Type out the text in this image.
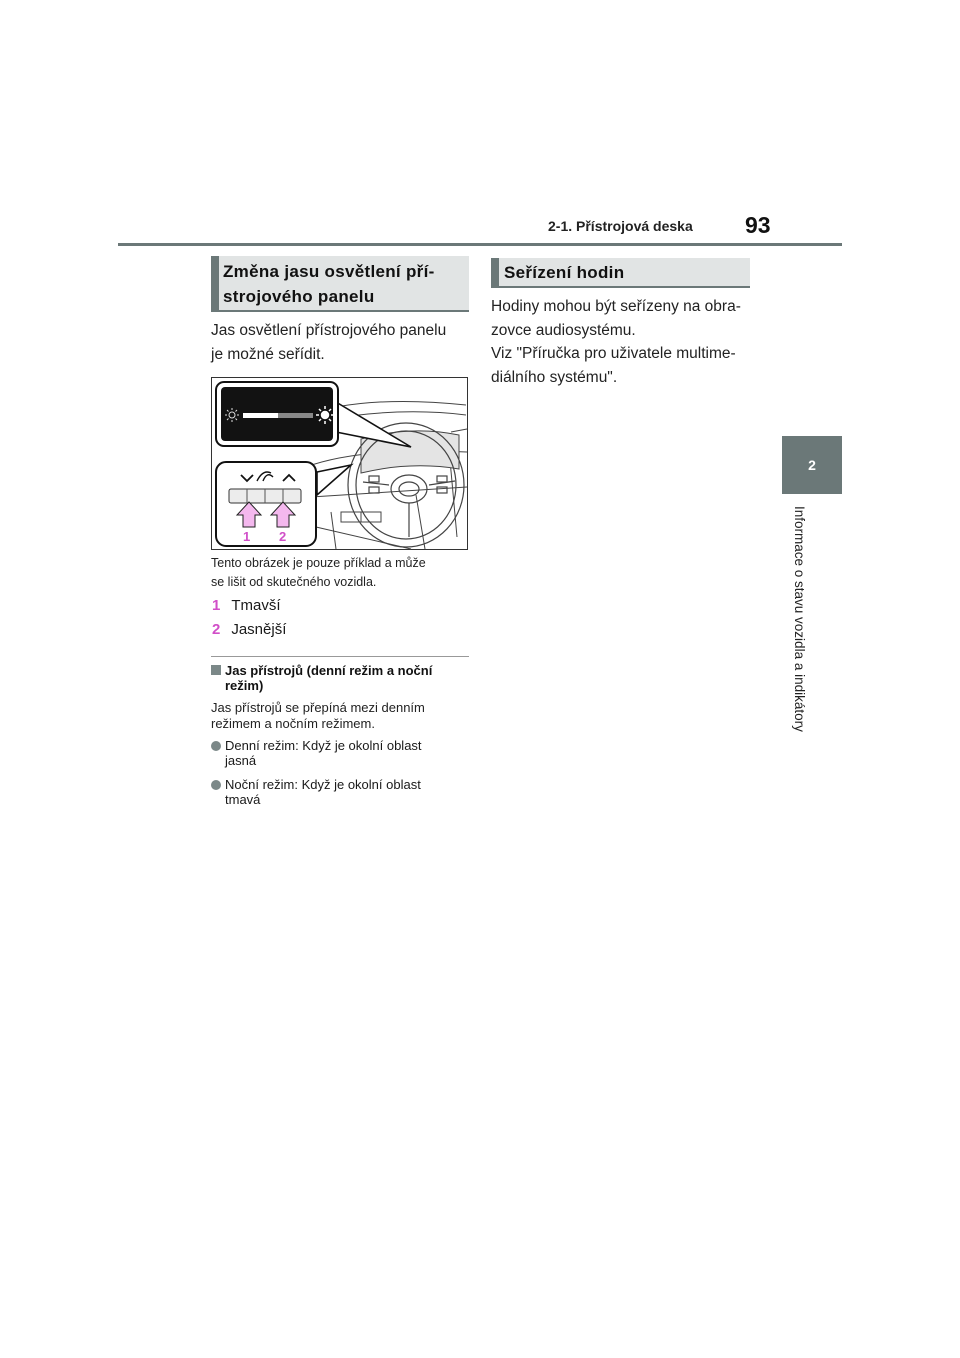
2-1. Přístrojová deska 93
2
Informace o stavu vozidla a indikátory
Změna jasu osvětlení pří-
strojového panelu
Jas osvětlení přístrojového panelu
je možné seřídit.
1 2
Tento obrázek je pouze příklad a může
se lišit od skutečného vozidla.
1 Tmavší
2 Jasnější
Jas přístrojů (denní režim a noční
režim)
Jas přístrojů se přepíná mezi denním
režimem a nočním režimem.
Denní režim: Když je okolní oblast
jasná
Noční režim: Když je okolní oblast
tmavá
Seřízení hodin
Hodiny mohou být seřízeny na obra-
zovce audiosystému.
Viz "Příručka pro uživatele multime-
diálního systému".
